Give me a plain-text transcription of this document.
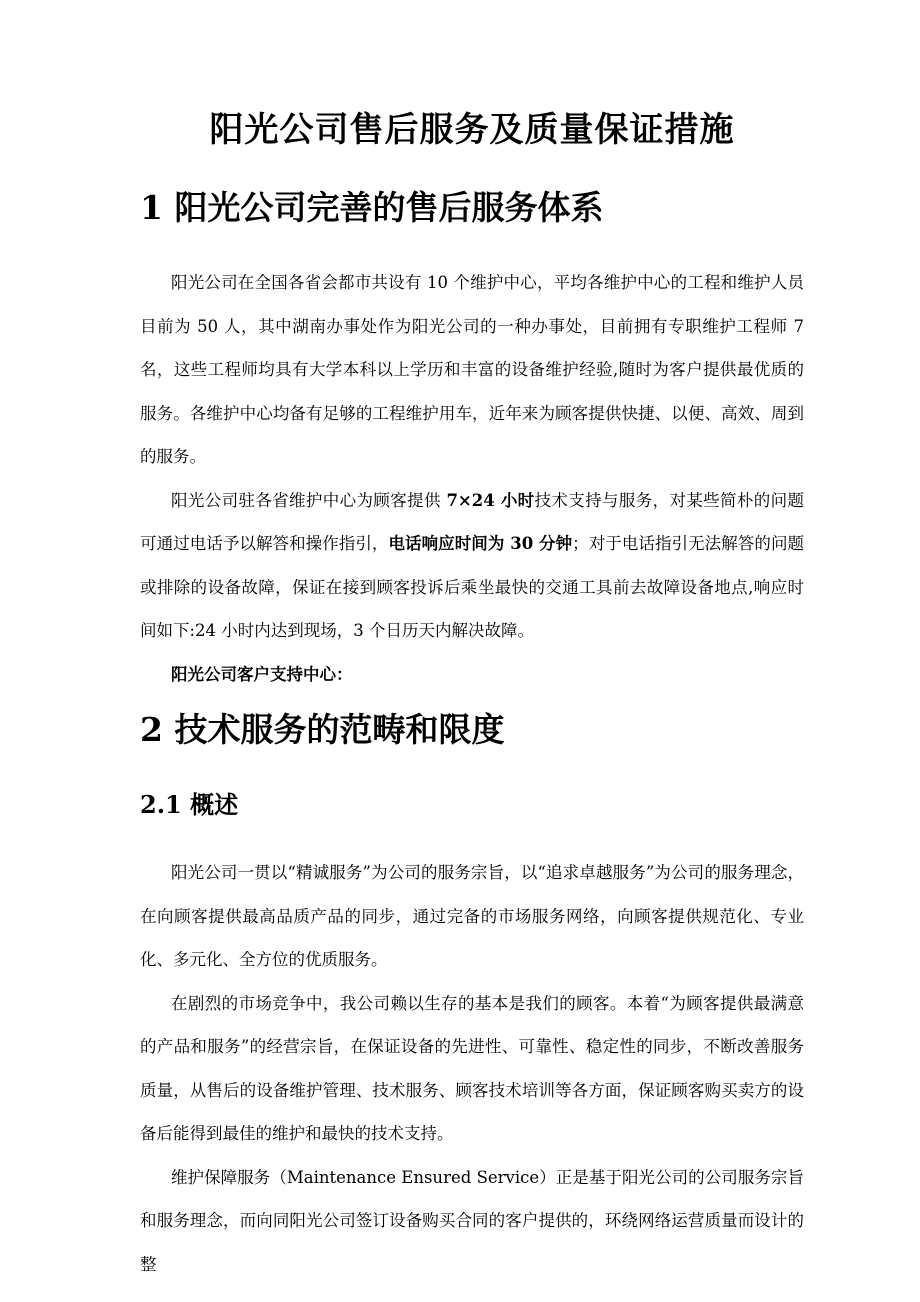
阳光公司售后服务及质量保证措施
1 阳光公司完善的售后服务体系

阳光公司在全国各省会都市共设有 10 个维护中心，平均各维护中心的工程和维护人员目前为 50 人，其中湖南办事处作为阳光公司的一种办事处，目前拥有专职维护工程师 7 名，这些工程师均具有大学本科以上学历和丰富的设备维护经验,随时为客户提供最优质的服务。各维护中心均备有足够的工程维护用车，近年来为顾客提供快捷、以便、高效、周到的服务。

阳光公司驻各省维护中心为顾客提供 7×24 小时技术支持与服务，对某些简朴的问题可通过电话予以解答和操作指引，电话响应时间为 30 分钟；对于电话指引无法解答的问题或排除的设备故障，保证在接到顾客投诉后乘坐最快的交通工具前去故障设备地点,响应时间如下:24 小时内达到现场，3 个日历天内解决故障。

阳光公司客户支持中心：

2 技术服务的范畴和限度
2.1 概述

阳光公司一贯以“精诚服务”为公司的服务宗旨，以“追求卓越服务”为公司的服务理念，在向顾客提供最高品质产品的同步，通过完备的市场服务网络，向顾客提供规范化、专业化、多元化、全方位的优质服务。

在剧烈的市场竞争中，我公司赖以生存的基本是我们的顾客。本着“为顾客提供最满意的产品和服务”的经营宗旨，在保证设备的先进性、可靠性、稳定性的同步，不断改善服务质量，从售后的设备维护管理、技术服务、顾客技术培训等各方面，保证顾客购买卖方的设备后能得到最佳的维护和最快的技术支持。

维护保障服务（Maintenance Ensured Service）正是基于阳光公司的公司服务宗旨和服务理念，而向同阳光公司签订设备购买合同的客户提供的，环绕网络运营质量而设计的整
